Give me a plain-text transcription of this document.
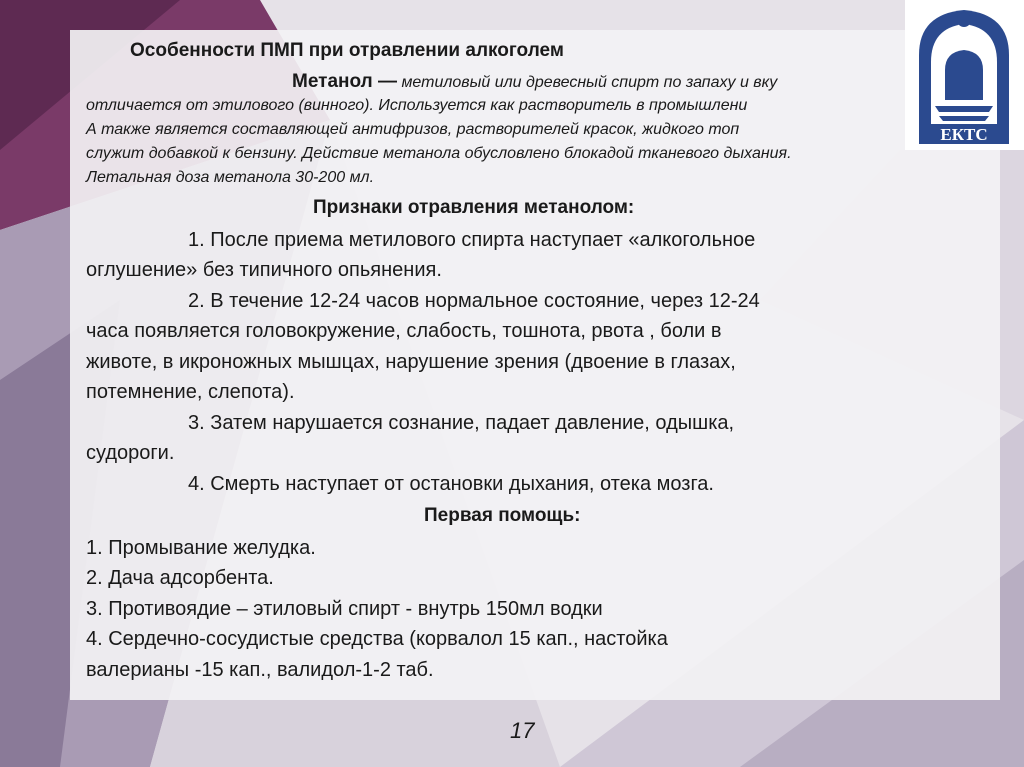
ЕКТС

Особенности ПМП при отравлении алкоголем

Метанол — метиловый или древесный спирт по запаху и вку

отличается от этилового (винного). Используется как растворитель в промышлени

А также является составляющей антифризов, растворителей красок, жидкого топ

служит добавкой к бензину. Действие метанола обусловлено блокадой тканевого дыхания.

Летальная доза метанола 30-200 мл.

Признаки отравления метанолом:

1. После приема метилового спирта наступает «алкогольное

оглушение» без типичного опьянения.

2. В течение 12-24 часов нормальное состояние, через 12-24

часа появляется головокружение, слабость, тошнота, рвота , боли в

животе, в икроножных мышцах, нарушение зрения (двоение в глазах,

потемнение, слепота).

3. Затем нарушается сознание, падает давление, одышка,

судороги.

4. Смерть наступает от остановки дыхания, отека мозга.

Первая помощь:

1. Промывание желудка.

2. Дача адсорбента.

3. Противоядие – этиловый спирт - внутрь 150мл водки

4. Сердечно-сосудистые средства (корвалол 15 кап., настойка

валерианы -15 кап., валидол-1-2 таб.

17
